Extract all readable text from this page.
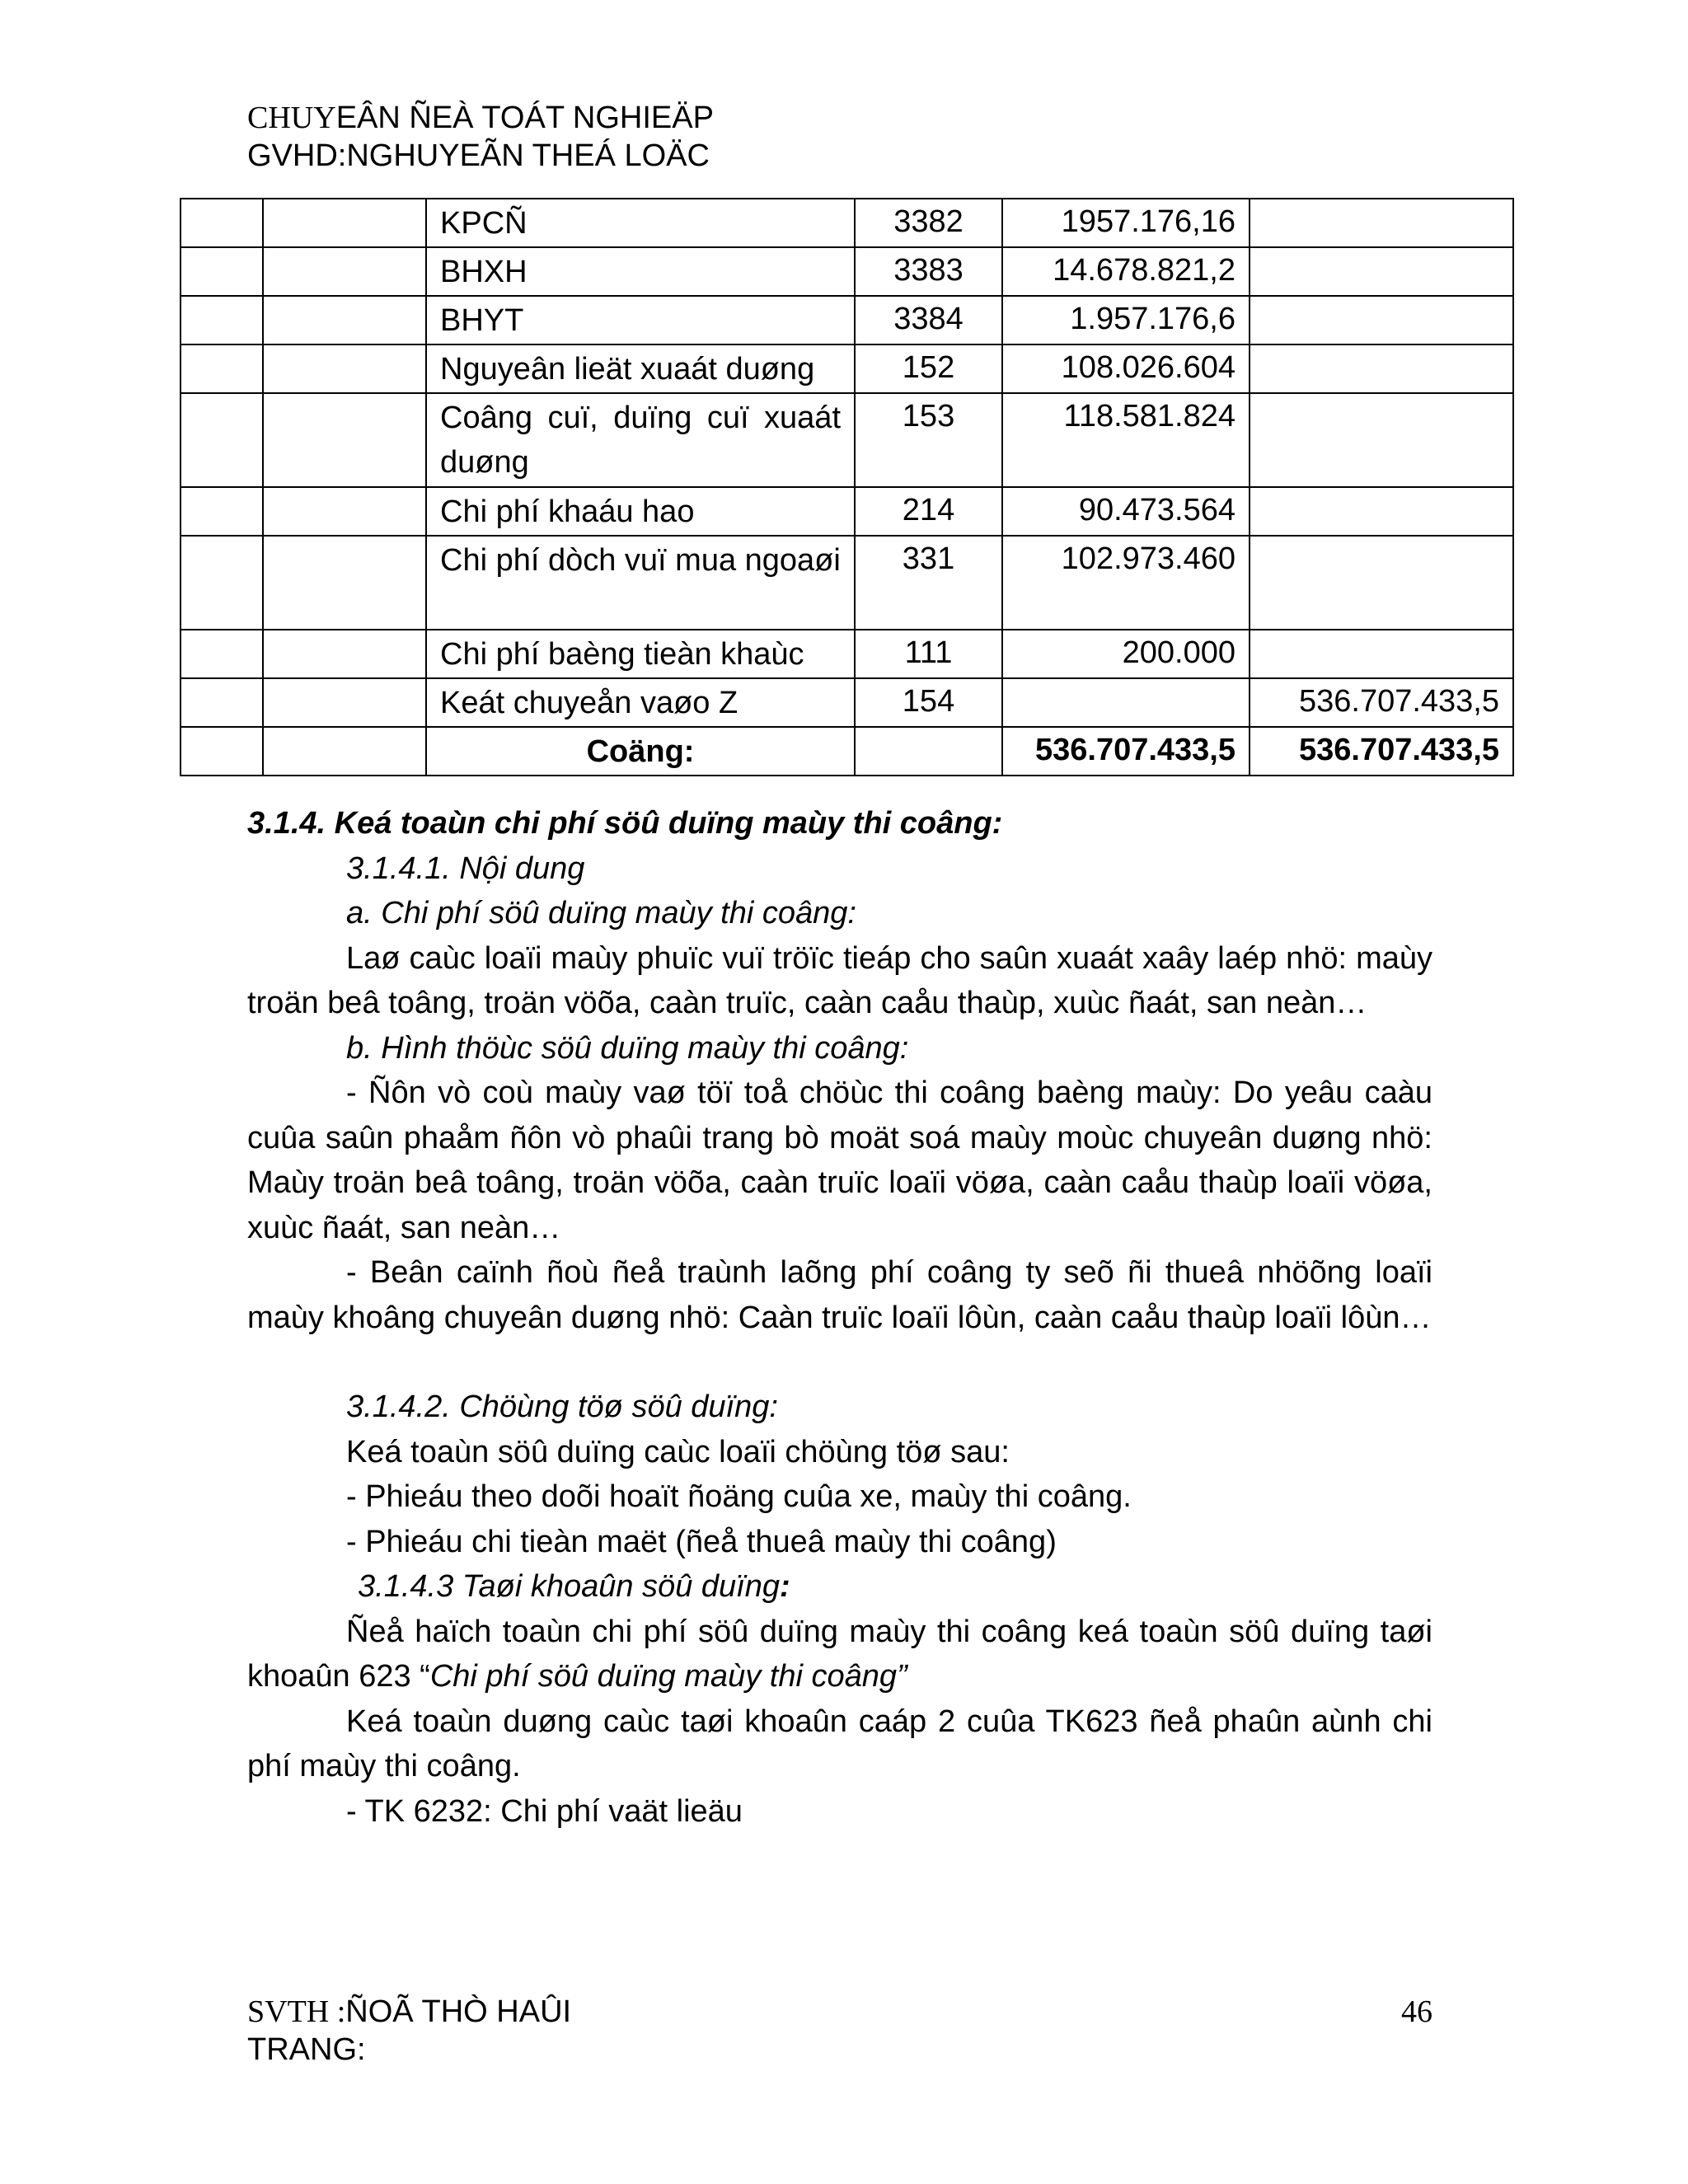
CHUYEÂN ÑEÀ TOÁT NGHIEÄP
GVHD:NGHUYEÃN THEÁ LOÄC
		KPCÑ	3382	1957.176,16	
		BHXH	3383	14.678.821,2	
		BHYT	3384	1.957.176,6	
		Nguyeân lieät xuaát duøng	152	108.026.604	
		Coâng cuï, duïng cuï xuaát duøng	153	118.581.824	
		Chi phí khaáu hao	214	90.473.564	
		Chi phí dòch vuï mua ngoaøi	331	102.973.460	
		Chi phí baèng tieàn khaùc	111	200.000	
		Keát chuyeån vaøo Z	154		536.707.433,5
		Coäng:		536.707.433,5	536.707.433,5

3.1.4. Keá toaùn chi phí söû duïng maùy thi coâng:

3.1.4.1. Nội dung

a. Chi phí söû duïng maùy thi coâng:

Laø caùc loaïi maùy phuïc vuï tröïc tieáp cho saûn xuaát xaây laép nhö: maùy troän beâ toâng, troän vöõa, caàn truïc, caàn caåu thaùp, xuùc ñaát, san neàn…

b. Hình thöùc söû duïng maùy thi coâng:

- Ñôn vò coù maùy vaø töï toå chöùc thi coâng baèng maùy: Do yeâu caàu cuûa saûn phaåm ñôn vò phaûi trang bò moät soá maùy moùc chuyeân duøng nhö: Maùy troän beâ toâng, troän vöõa, caàn truïc loaïi vöøa, caàn caåu thaùp loaïi vöøa, xuùc ñaát, san neàn…

- Beân caïnh ñoù ñeå traùnh laõng phí coâng ty seõ ñi thueâ nhöõng loaïi maùy khoâng chuyeân duøng nhö: Caàn truïc loaïi lôùn, caàn caåu thaùp loaïi lôùn…

3.1.4.2. Chöùng töø söû duïng:

Keá toaùn söû duïng caùc loaïi chöùng töø sau:

- Phieáu theo doõi hoaït ñoäng cuûa xe, maùy thi coâng.

- Phieáu chi tieàn maët (ñeå thueâ maùy thi coâng)

3.1.4.3 Taøi khoaûn söû duïng:

Ñeå haïch toaùn chi phí söû duïng maùy thi coâng keá toaùn söû duïng taøi khoaûn 623 “Chi phí söû duïng maùy thi coâng”

Keá toaùn duøng caùc taøi khoaûn caáp 2 cuûa TK623 ñeå phaûn aùnh chi phí maùy thi coâng.

- TK 6232: Chi phí vaät lieäu

SVTH :ÑOÃ THÒ HAÛI
TRANG:
46
